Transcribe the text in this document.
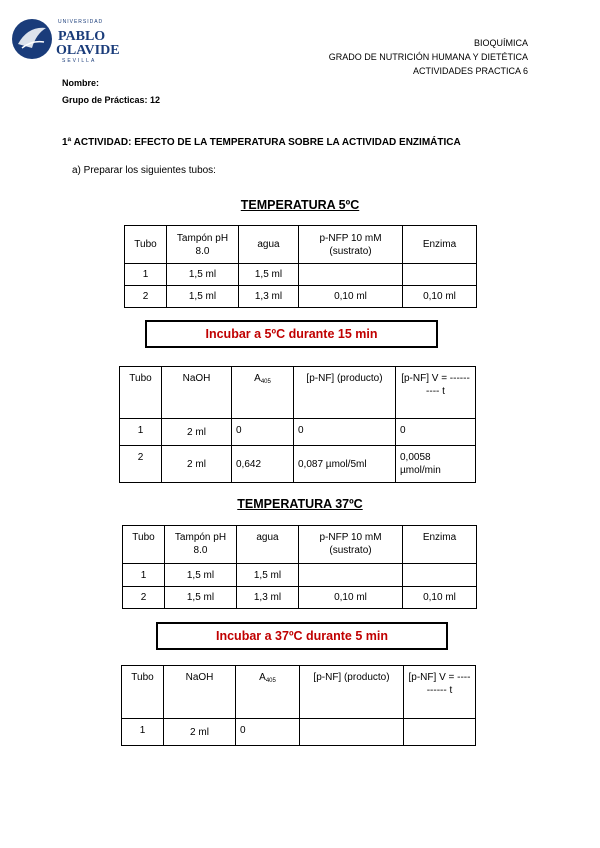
UNIVERSIDAD
PABLO
OLAVIDE
SEVILLA
BIOQUÍMICA
GRADO DE NUTRICIÓN HUMANA Y DIETÉTICA
ACTIVIDADES PRACTICA 6
Nombre:
Grupo de Prácticas: 12
1ª ACTIVIDAD: EFECTO DE LA TEMPERATURA SOBRE LA ACTIVIDAD ENZIMÁTICA
a) Preparar los siguientes tubos:
TEMPERATURA 5ºC
Tubo	Tampón pH 8.0	agua	p-NFP 10 mM (sustrato)	Enzima
1	1,5 ml	1,5 ml		
2	1,5 ml	1,3 ml	0,10 ml	0,10 ml
Incubar a 5ºC durante 15 min
Tubo	NaOH	$A_{405}$	[p-NF] (producto)	[p-NF] V = ---------- t
1	2 ml	0	0	0
2	2 ml	0,642	0,087 µmol/5ml	0,0058 µmol/min
TEMPERATURA 37ºC
Tubo	Tampón pH 8.0	agua	p-NFP 10 mM (sustrato)	Enzima
1	1,5 ml	1,5 ml		
2	1,5 ml	1,3 ml	0,10 ml	0,10 ml
Incubar a 37ºC durante 5 min
Tubo	NaOH	$A_{405}$	[p-NF] (producto)	[p-NF] V = ---------- t
1	2 ml	0		
